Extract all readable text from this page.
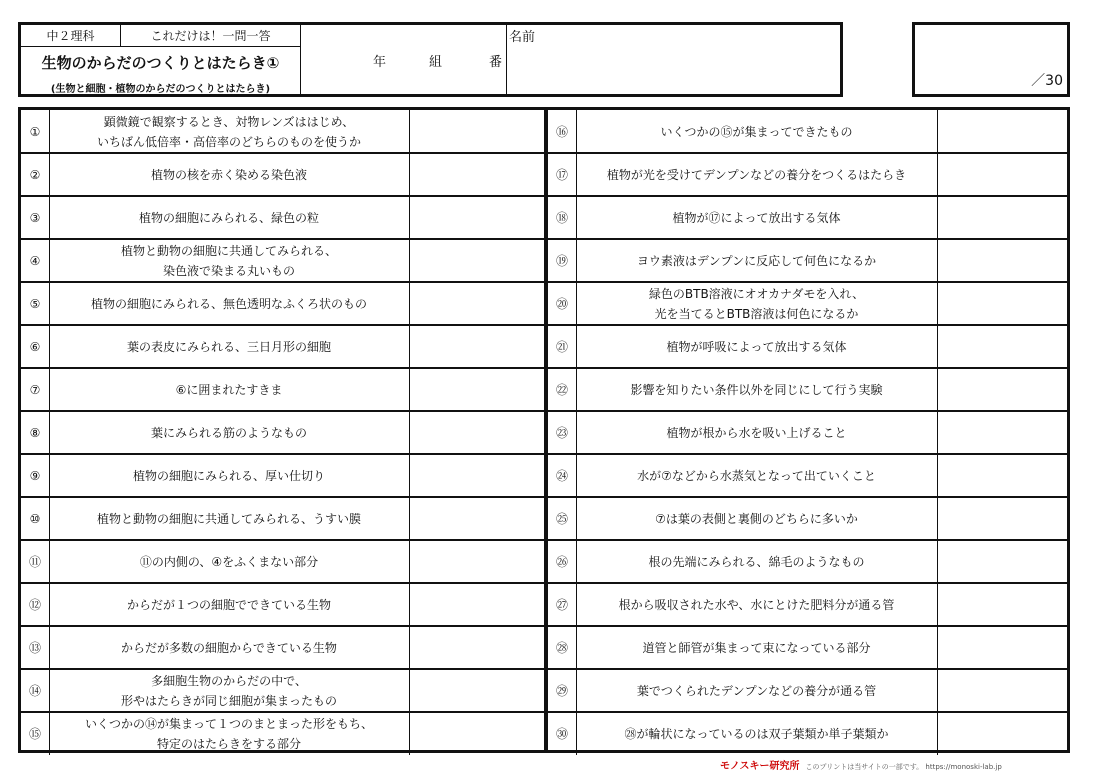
中２理科	これだけは！一問一答
生物のからだのつくりとはたらき①
(生物と細胞・植物のからだのつくりとはたらき)
年	組	番
名前
／30
①
顕微鏡で観察するとき、対物レンズははじめ、
いちばん低倍率・高倍率のどちらのものを使うか
②	植物の核を赤く染める染色液
③	植物の細胞にみられる、緑色の粒
④
植物と動物の細胞に共通してみられる、
染色液で染まる丸いもの
⑤	植物の細胞にみられる、無色透明なふくろ状のもの
⑥	葉の表皮にみられる、三日月形の細胞
⑦	⑥に囲まれたすきま
⑧	葉にみられる筋のようなもの
⑨	植物の細胞にみられる、厚い仕切り
⑩	植物と動物の細胞に共通してみられる、うすい膜
⑪	⑪の内側の、④をふくまない部分
⑫	からだが１つの細胞でできている生物
⑬	からだが多数の細胞からできている生物
⑭
多細胞生物のからだの中で、
形やはたらきが同じ細胞が集まったもの
⑮
いくつかの⑭が集まって１つのまとまった形をもち、
特定のはたらきをする部分
⑯	いくつかの⑮が集まってできたもの
⑰	植物が光を受けてデンプンなどの養分をつくるはたらき
⑱	植物が⑰によって放出する気体
⑲	ヨウ素液はデンプンに反応して何色になるか
⑳
緑色のBTB溶液にオオカナダモを入れ、
光を当てるとBTB溶液は何色になるか
㉑	植物が呼吸によって放出する気体
㉒	影響を知りたい条件以外を同じにして行う実験
㉓	植物が根から水を吸い上げること
㉔	水が⑦などから水蒸気となって出ていくこと
㉕	⑦は葉の表側と裏側のどちらに多いか
㉖	根の先端にみられる、綿毛のようなもの
㉗	根から吸収された水や、水にとけた肥料分が通る管
㉘	道管と師管が集まって束になっている部分
㉙	葉でつくられたデンプンなどの養分が通る管
㉚	㉘が輪状になっているのは双子葉類か単子葉類か
モノスキー研究所 このプリントは当サイトの一部です。 https://monoski-lab.jp
